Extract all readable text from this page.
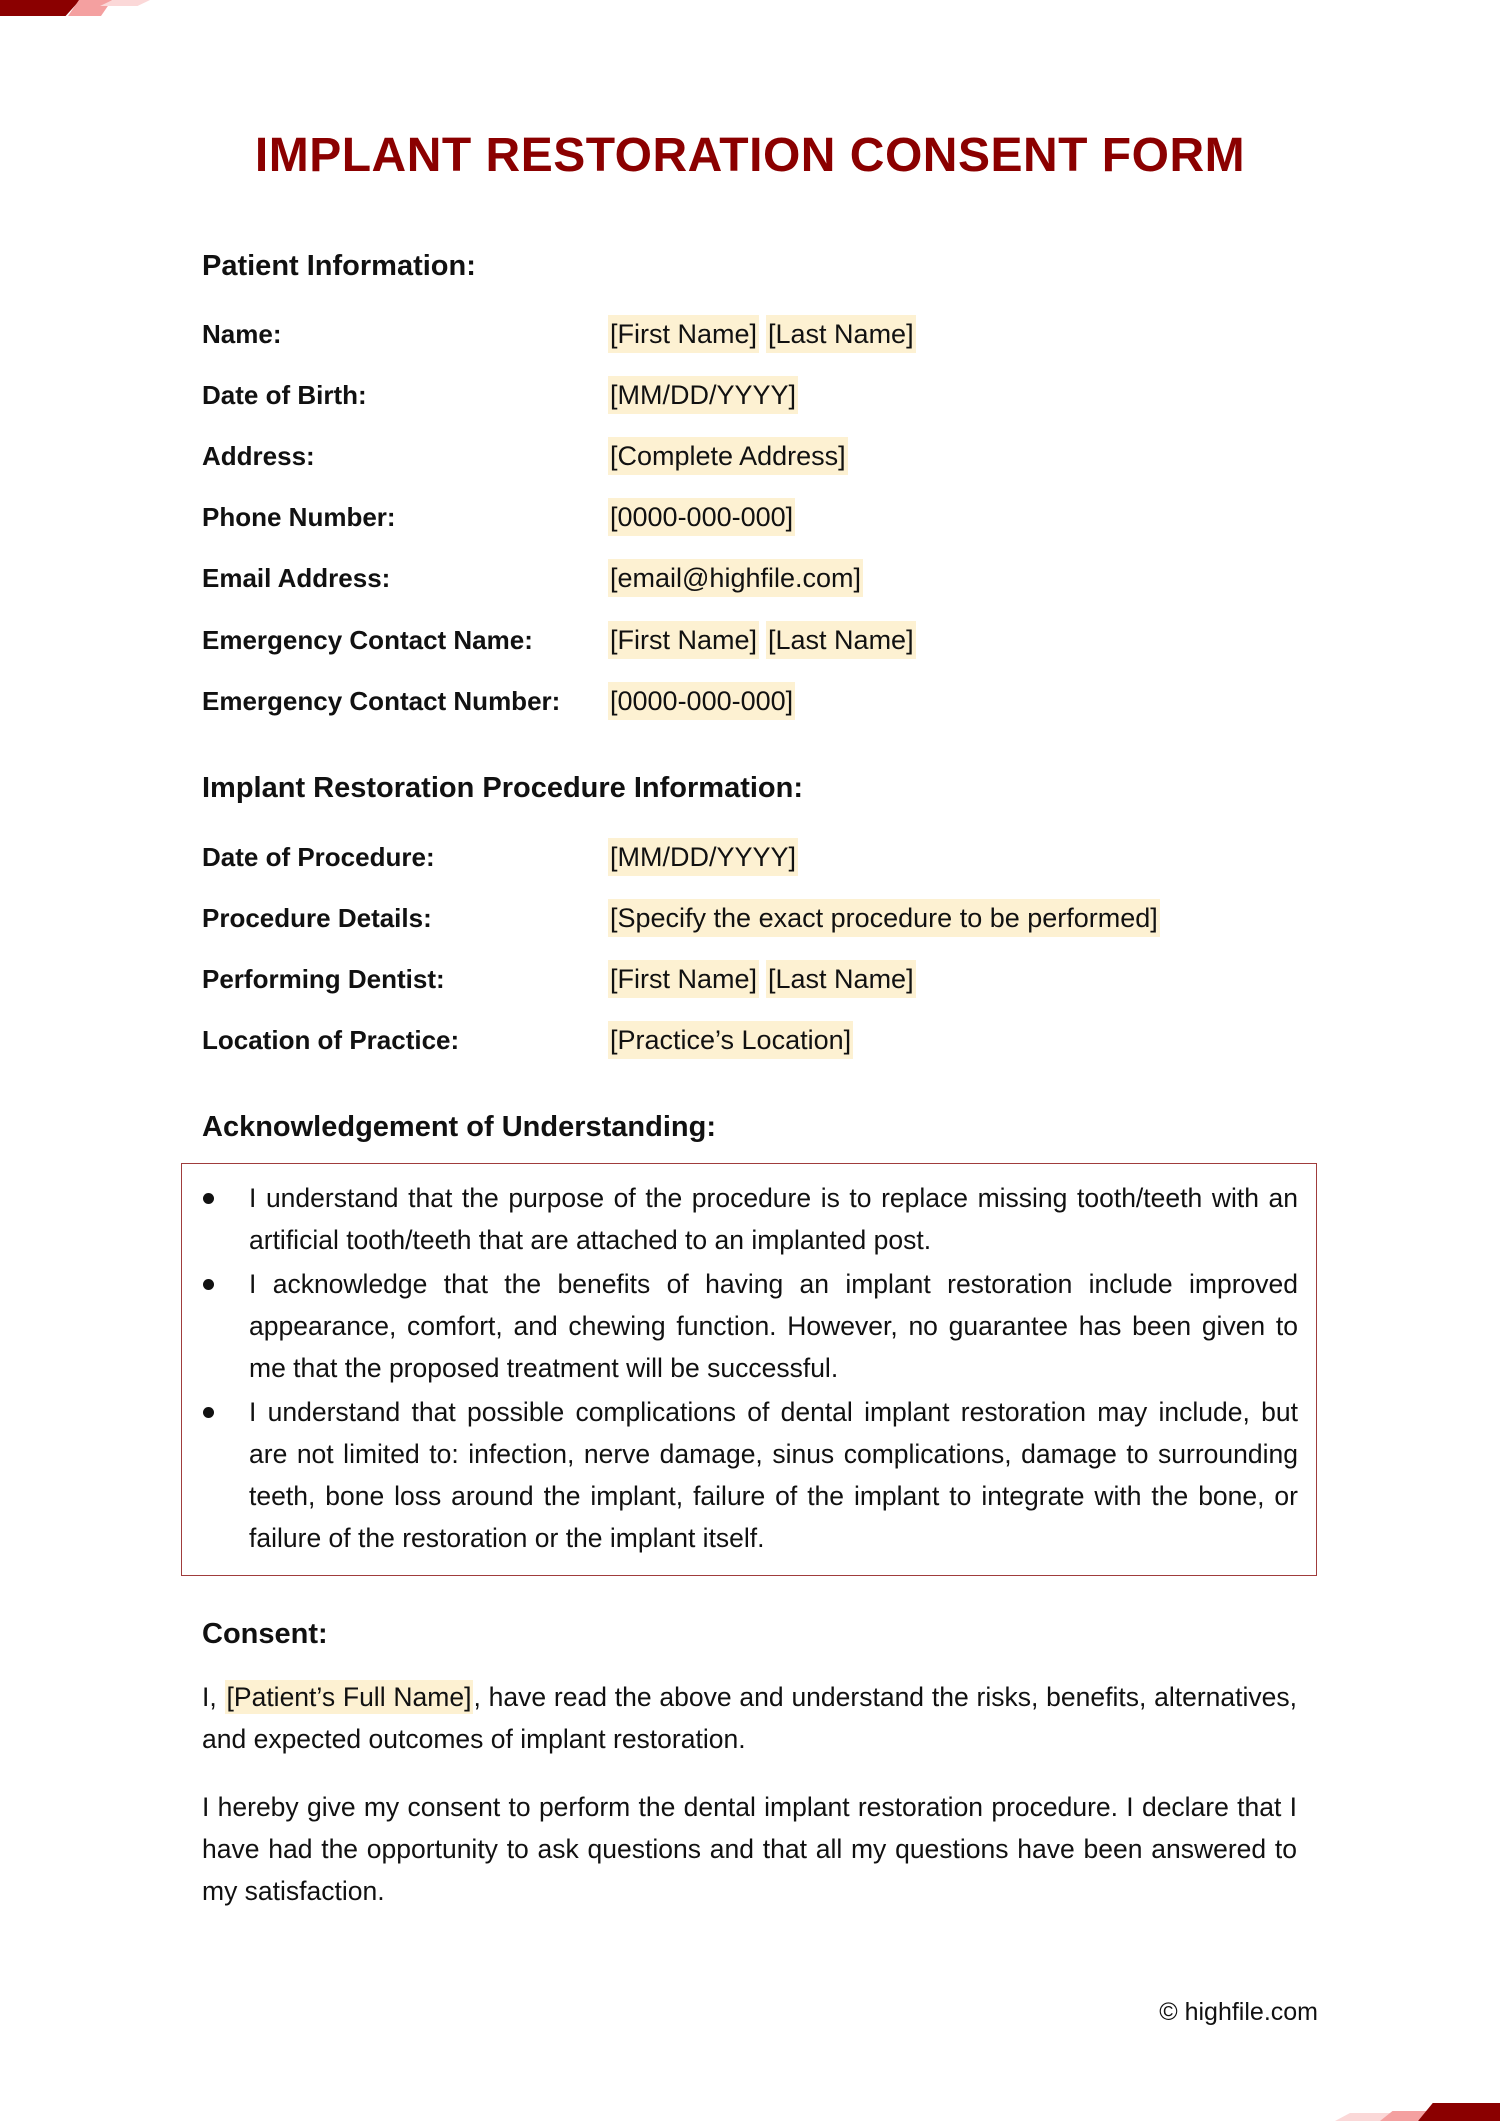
IMPLANT RESTORATION CONSENT FORM
Patient Information:
Name:	[First Name] [Last Name]
Date of Birth:	[MM/DD/YYYY]
Address:	[Complete Address]
Phone Number:	[0000-000-000]
Email Address:	[email@highfile.com]
Emergency Contact Name:	[First Name] [Last Name]
Emergency Contact Number:	[0000-000-000]
Implant Restoration Procedure Information:
Date of Procedure:	[MM/DD/YYYY]
Procedure Details:	[Specify the exact procedure to be performed]
Performing Dentist:	[First Name] [Last Name]
Location of Practice:	[Practice’s Location]
Acknowledgement of Understanding:
I understand that the purpose of the procedure is to replace missing tooth/teeth with an artificial tooth/teeth that are attached to an implanted post.
I acknowledge that the benefits of having an implant restoration include improved appearance, comfort, and chewing function. However, no guarantee has been given to me that the proposed treatment will be successful.
I understand that possible complications of dental implant restoration may include, but are not limited to: infection, nerve damage, sinus complications, damage to surrounding teeth, bone loss around the implant, failure of the implant to integrate with the bone, or failure of the restoration or the implant itself.
Consent:

I, [Patient’s Full Name], have read the above and understand the risks, benefits, alternatives, and expected outcomes of implant restoration.

I hereby give my consent to perform the dental implant restoration procedure. I declare that I have had the opportunity to ask questions and that all my questions have been answered to my satisfaction.

© highfile.com
